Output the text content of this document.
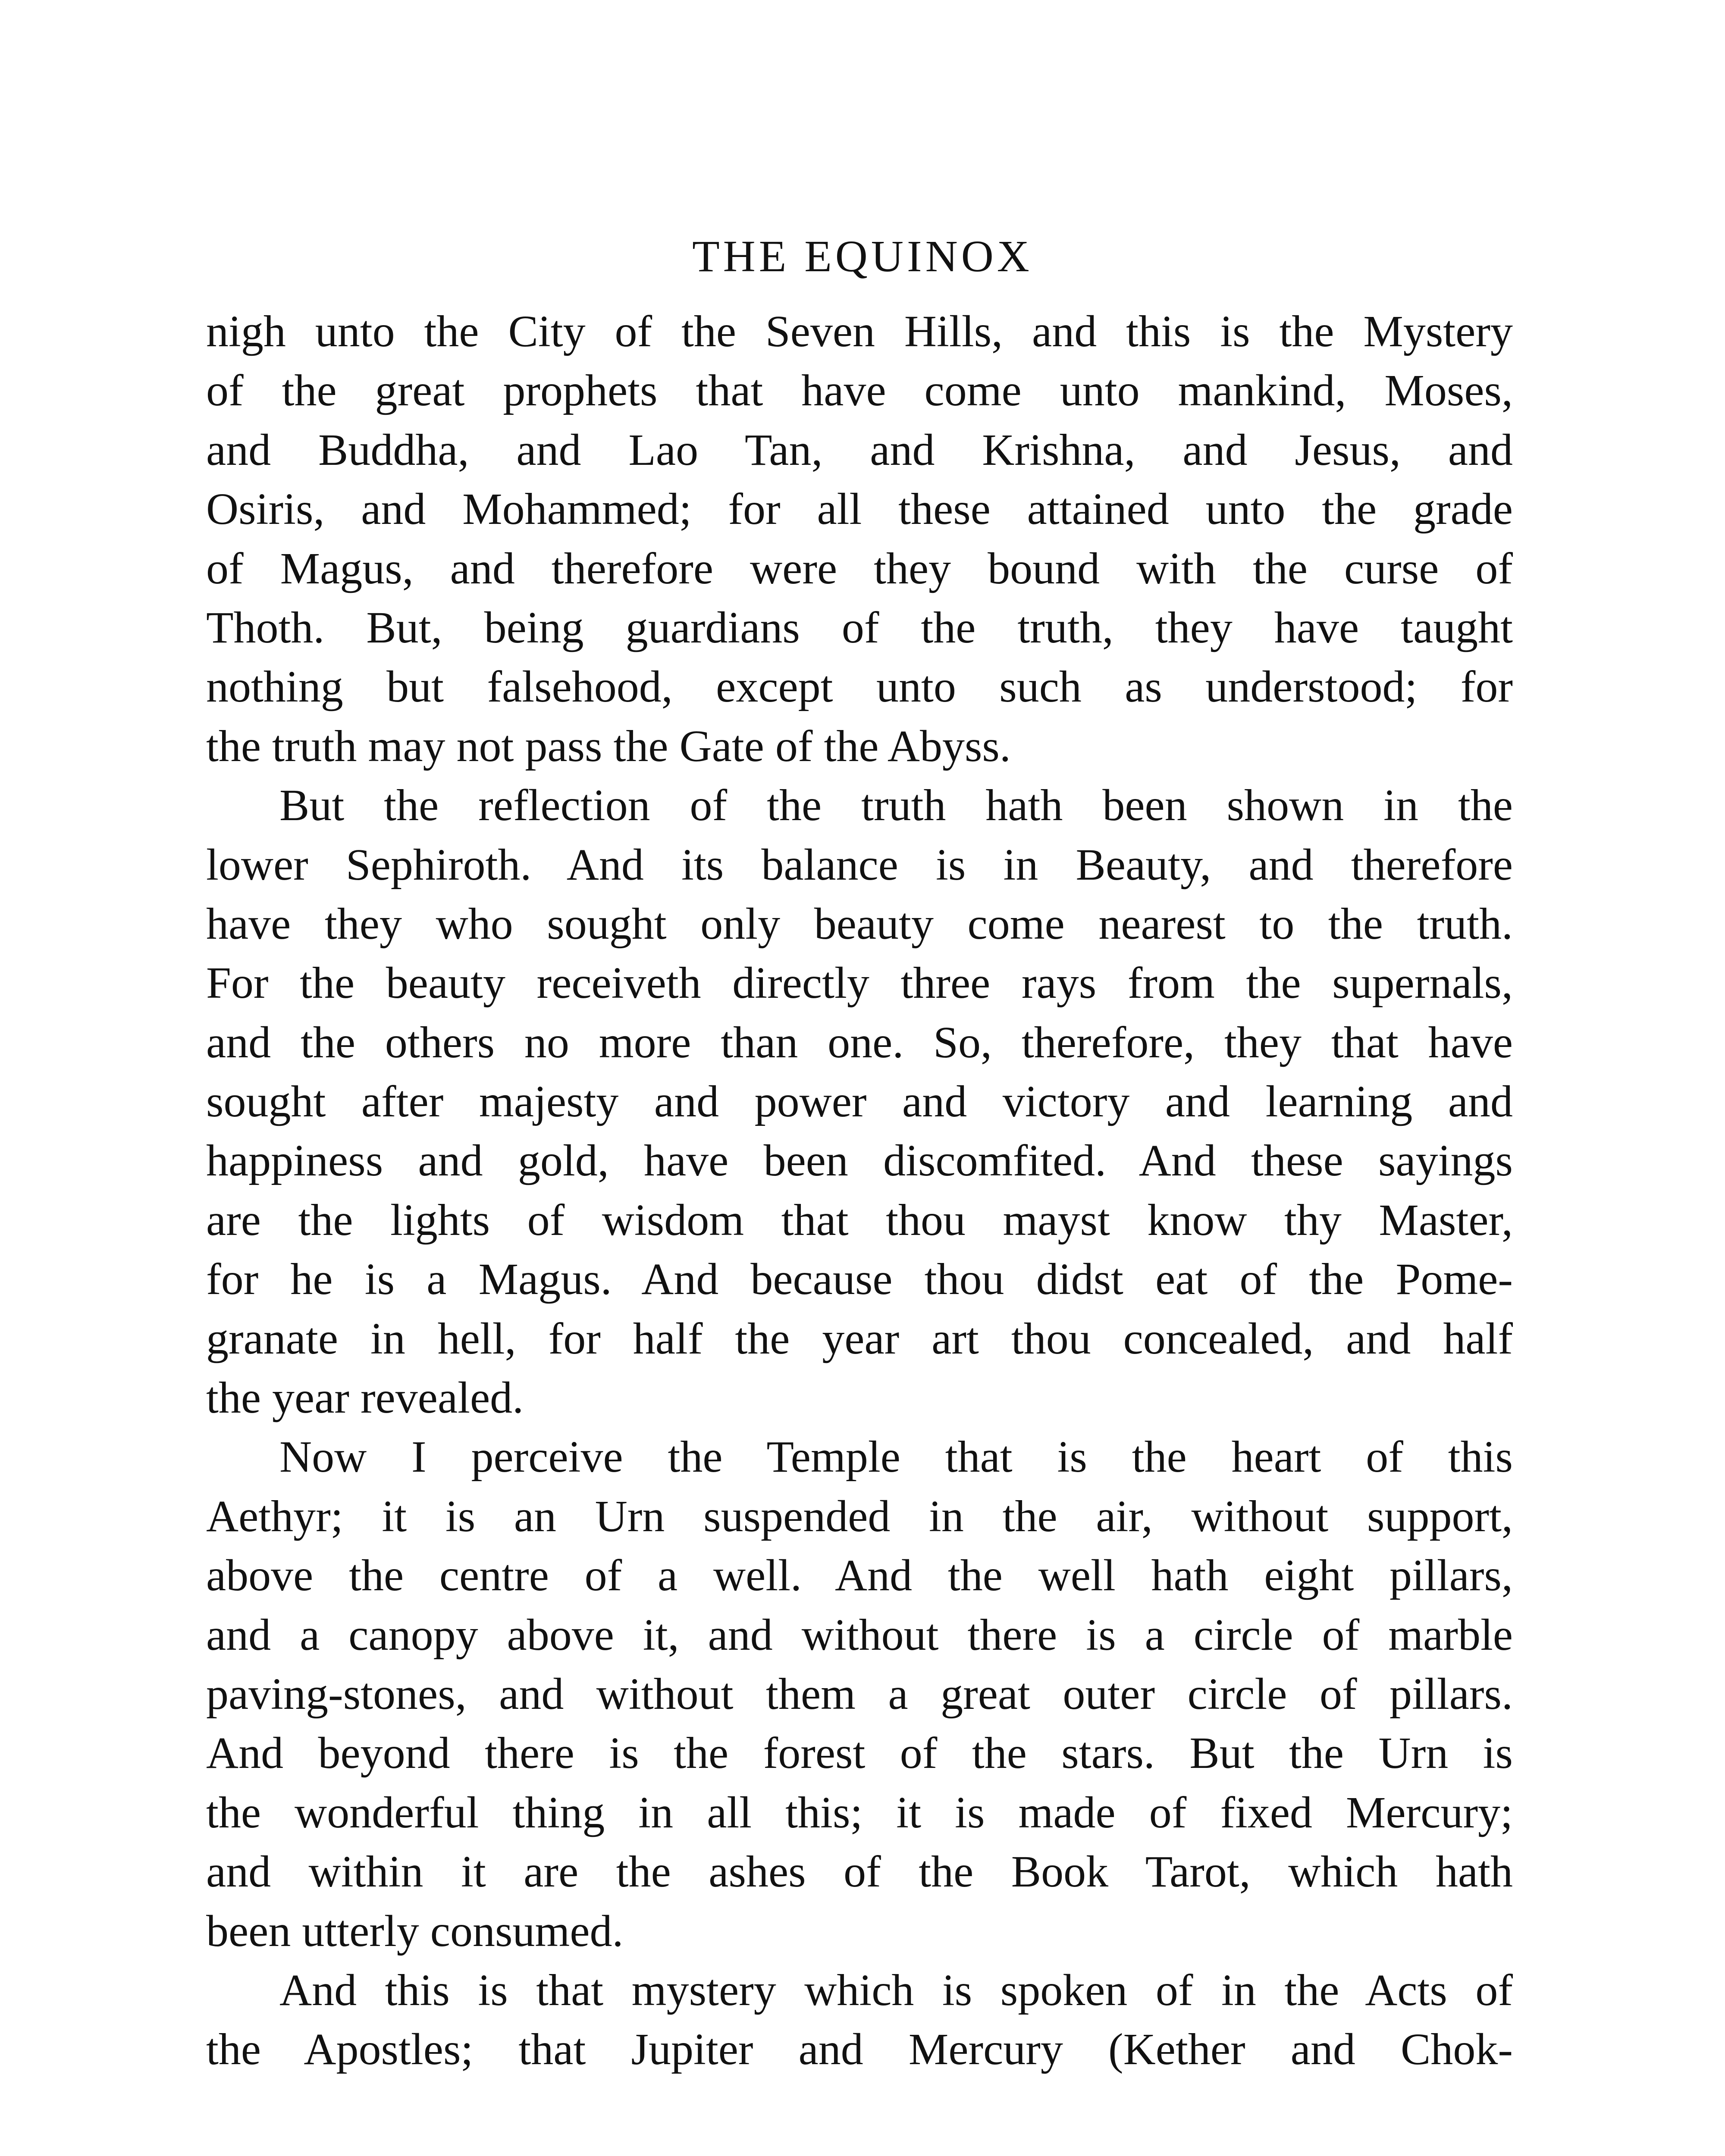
THE EQUINOX
nigh unto the City of the Seven Hills, and this is the Mystery
of the great prophets that have come unto mankind, Moses,
and Buddha, and Lao Tan, and Krishna, and Jesus, and
Osiris, and Mohammed; for all these attained unto the grade
of Magus, and therefore were they bound with the curse of
Thoth. But, being guardians of the truth, they have taught
nothing but falsehood, except unto such as understood; for
the truth may not pass the Gate of the Abyss.
But the reflection of the truth hath been shown in the
lower Sephiroth. And its balance is in Beauty, and therefore
have they who sought only beauty come nearest to the truth.
For the beauty receiveth directly three rays from the supernals,
and the others no more than one. So, therefore, they that have
sought after majesty and power and victory and learning and
happiness and gold, have been discomfited. And these sayings
are the lights of wisdom that thou mayst know thy Master,
for he is a Magus. And because thou didst eat of the Pome-
granate in hell, for half the year art thou concealed, and half
the year revealed.
Now I perceive the Temple that is the heart of this
Aethyr; it is an Urn suspended in the air, without support,
above the centre of a well. And the well hath eight pillars,
and a canopy above it, and without there is a circle of marble
paving-stones, and without them a great outer circle of pillars.
And beyond there is the forest of the stars. But the Urn is
the wonderful thing in all this; it is made of fixed Mercury;
and within it are the ashes of the Book Tarot, which hath
been utterly consumed.
And this is that mystery which is spoken of in the Acts of
the Apostles; that Jupiter and Mercury (Kether and Chok-
